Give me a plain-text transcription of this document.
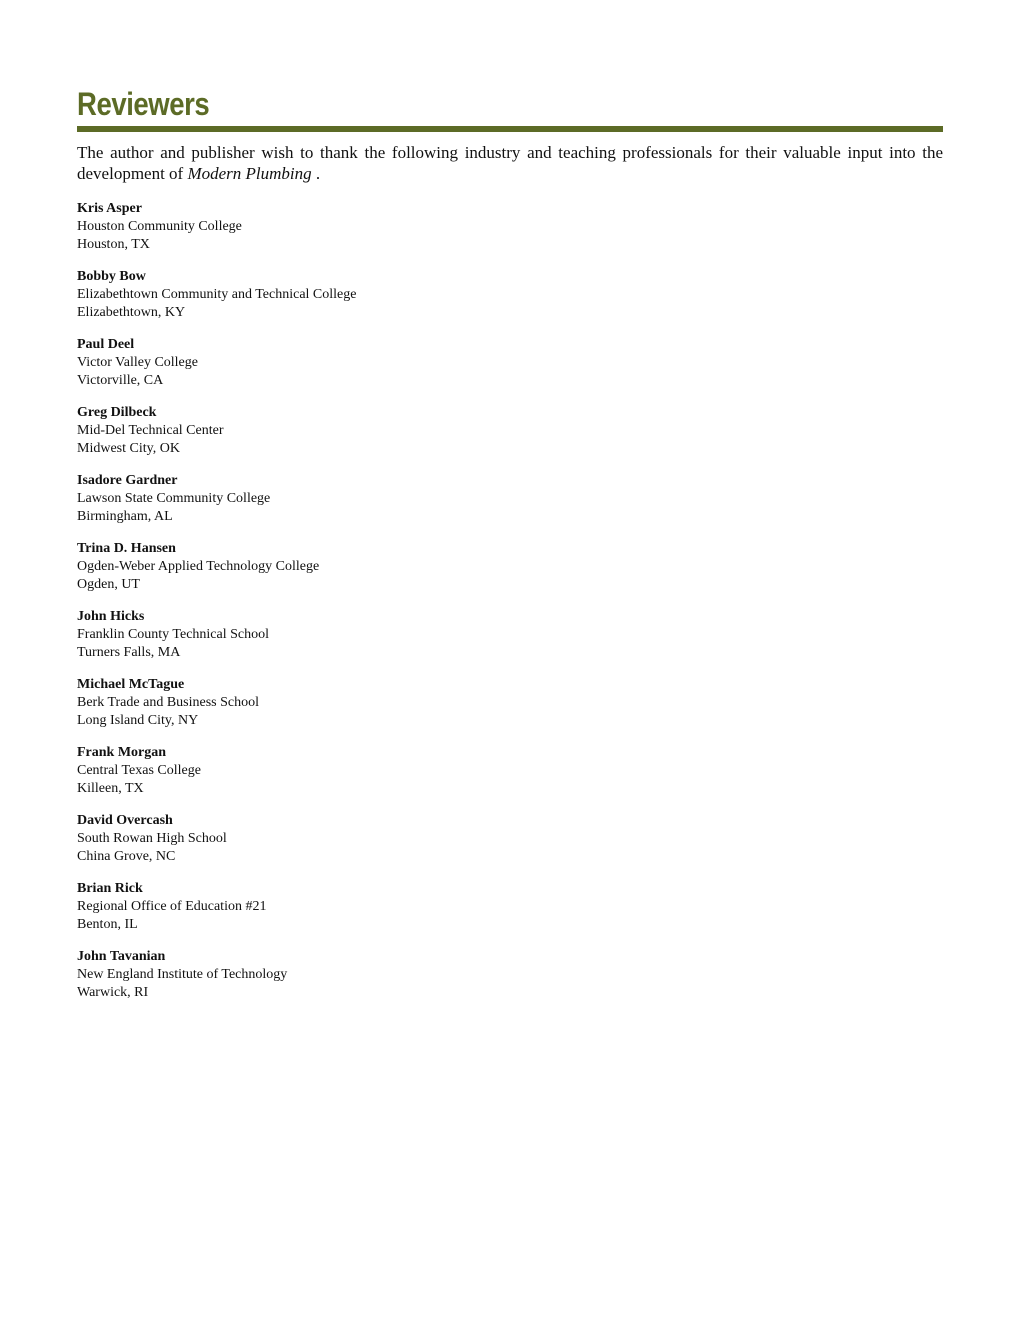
Reviewers

The author and publisher wish to thank the following industry and teaching professionals for their valuable input into the development of Modern Plumbing .

Kris Asper
Houston Community College
Houston, TX
Bobby Bow
Elizabethtown Community and Technical College
Elizabethtown, KY
Paul Deel
Victor Valley College
Victorville, CA
Greg Dilbeck
Mid-Del Technical Center
Midwest City, OK
Isadore Gardner
Lawson State Community College
Birmingham, AL
Trina D. Hansen
Ogden-Weber Applied Technology College
Ogden, UT
John Hicks
Franklin County Technical School
Turners Falls, MA
Michael McTague
Berk Trade and Business School
Long Island City, NY
Frank Morgan
Central Texas College
Killeen, TX
David Overcash
South Rowan High School
China Grove, NC
Brian Rick
Regional Office of Education #21
Benton, IL
John Tavanian
New England Institute of Technology
Warwick, RI
